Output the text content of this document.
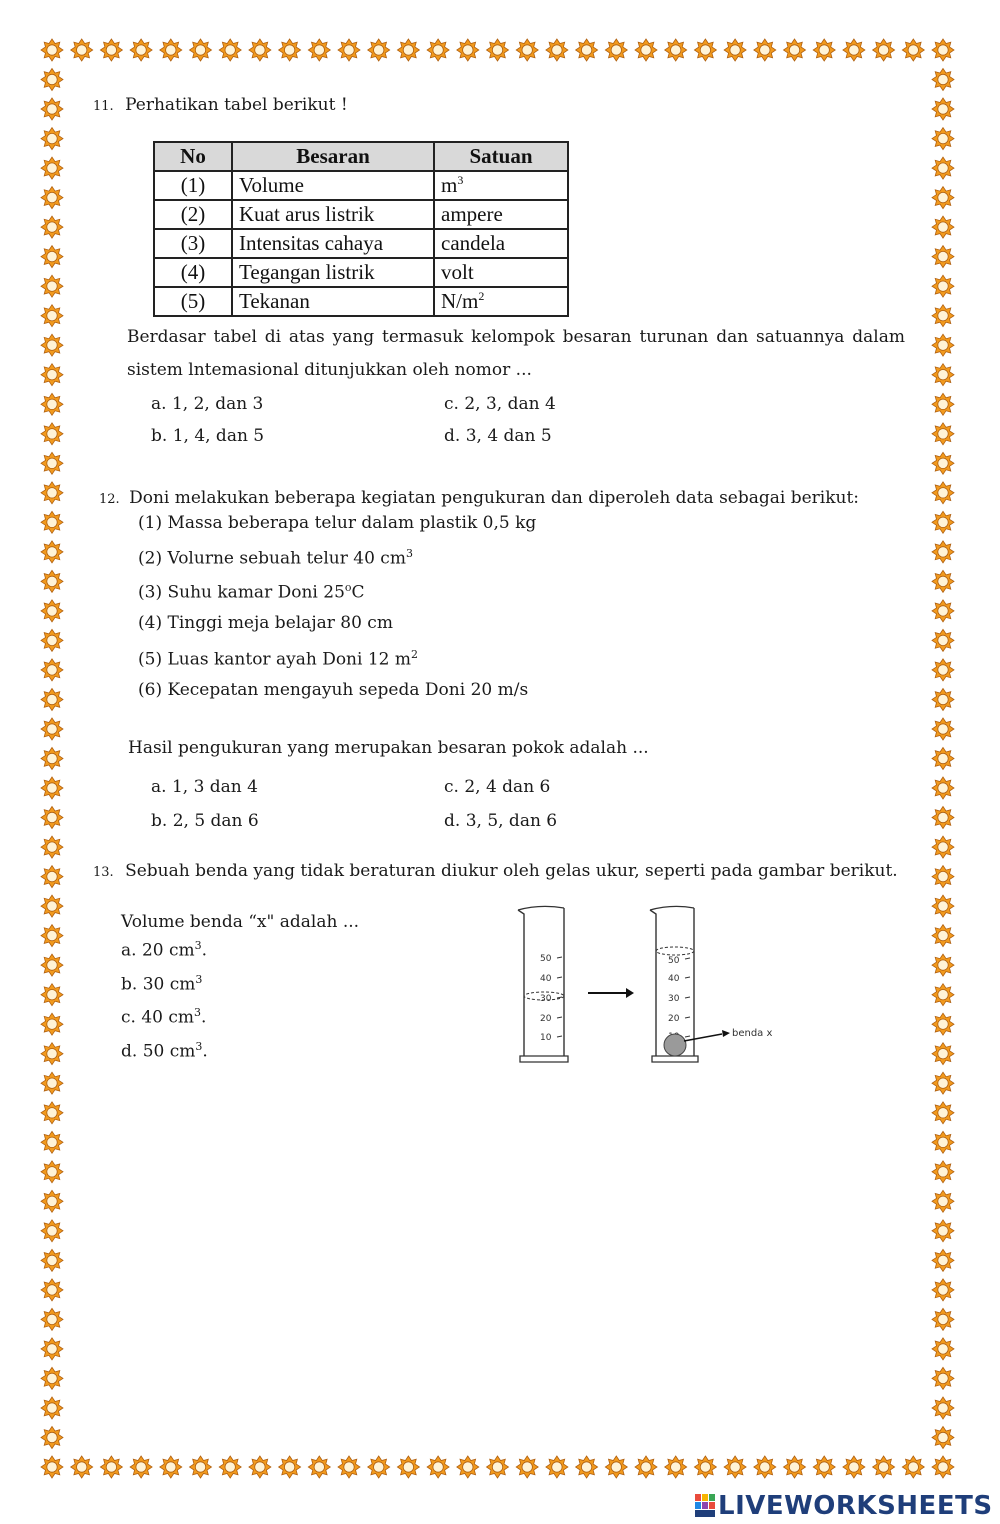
11. Perhatikan tabel berikut !
No	Besaran	Satuan
(1)	Volume	$m^3$
(2)	Kuat arus listrik	ampere
(3)	Intensitas cahaya	candela
(4)	Tegangan listrik	volt
(5)	Tekanan	$N/m^2$
Berdasar tabel di atas yang termasuk kelompok besaran turunan dan satuannya dalam
sistem lntemasional ditunjukkan oleh nomor ...
a. 1, 2, dan 3
b. 1, 4, dan 5
c. 2, 3, dan 4
d. 3, 4 dan 5
12. Doni melakukan beberapa kegiatan pengukuran dan diperoleh data sebagai berikut:
(1) Massa beberapa telur dalam plastik 0,5 kg
(2) Volurne sebuah telur 40 $cm^3$
(3) Suhu kamar Doni 25$^o$C
(4) Tinggi meja belajar 80 cm
(5) Luas kantor ayah Doni 12 $m^2$
(6) Kecepatan mengayuh sepeda Doni 20 m/s
Hasil pengukuran yang merupakan besaran pokok adalah ...
a. 1, 3 dan 4
b. 2, 5 dan 6
c. 2, 4 dan 6
d. 3, 5, dan 6
13. Sebuah benda yang tidak beraturan diukur oleh gelas ukur, seperti pada gambar berikut.
Volume benda “x" adalah ...
a. 20 $cm^3$.
b. 30 $cm^3$
c. 40 $cm^3$.
d. 50 $cm^3$.
50
40
30
20
10
50
40
30
20
benda x
LIVEWORKSHEETS
